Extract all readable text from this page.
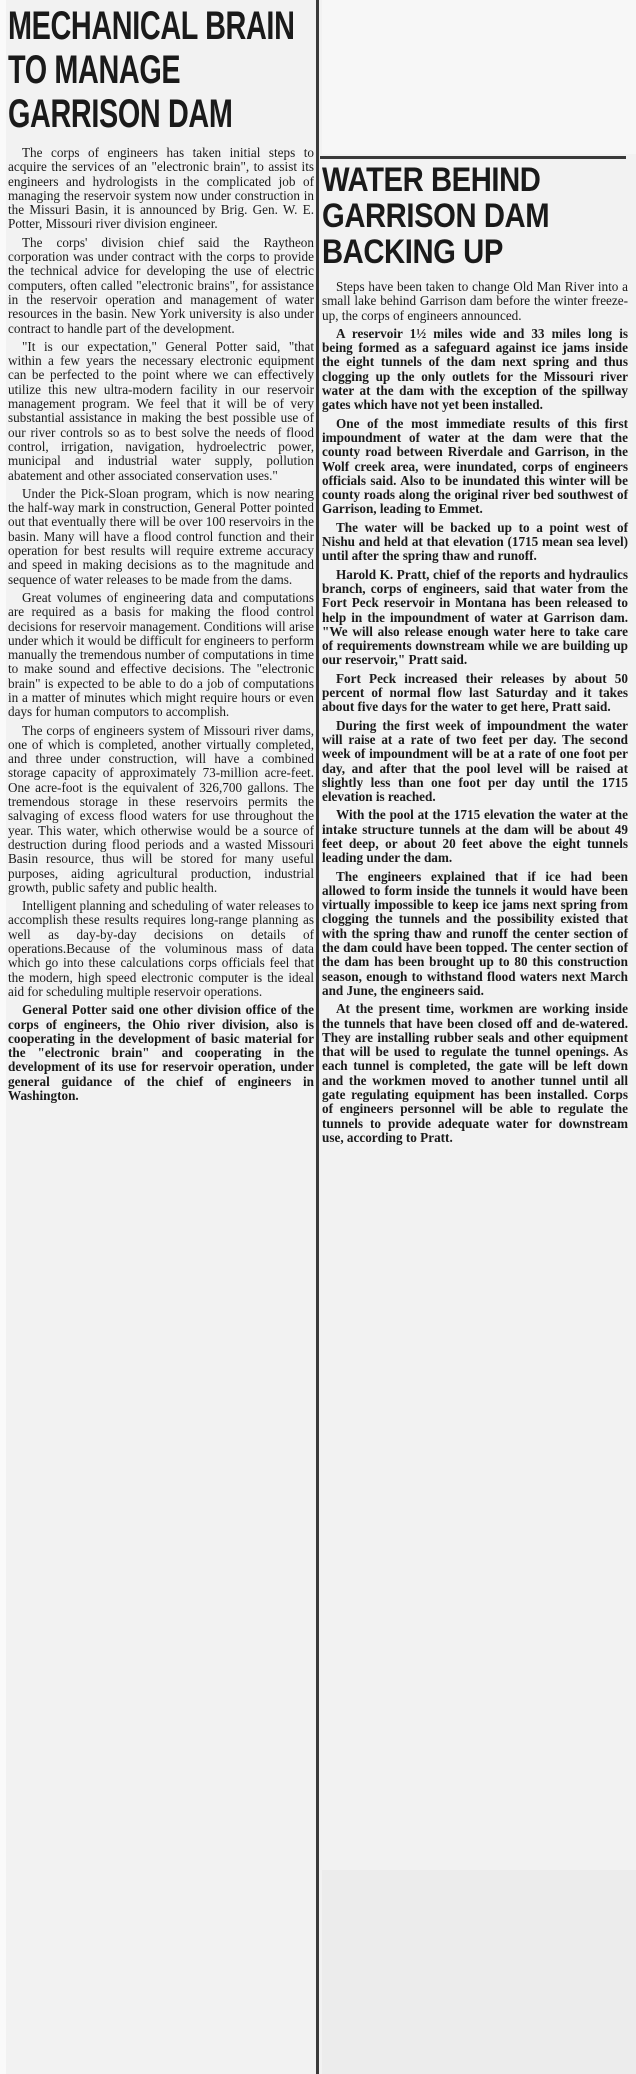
MECHANICAL BRAIN TO MANAGE GARRISON DAM

The corps of engineers has taken initial steps to acquire the services of an "electronic brain", to assist its engineers and hydrologists in the complicated job of managing the reservoir system now under construction in the Missuri Basin, it is announced by Brig. Gen. W. E. Potter, Missouri river division engineer.

The corps' division chief said the Raytheon corporation was under contract with the corps to provide the technical advice for developing the use of electric computers, often called "electronic brains", for assistance in the reservoir operation and management of water resources in the basin. New York university is also under contract to handle part of the development.

"It is our expectation," General Potter said, "that within a few years the necessary electronic equipment can be perfected to the point where we can effectively utilize this new ultra-modern facility in our reservoir management program. We feel that it will be of very substantial assistance in making the best possible use of our river controls so as to best solve the needs of flood control, irrigation, navigation, hydroelectric power, municipal and industrial water supply, pollution abatement and other associated conservation uses."

Under the Pick-Sloan program, which is now nearing the half-way mark in construction, General Potter pointed out that eventually there will be over 100 reservoirs in the basin. Many will have a flood control function and their operation for best results will require extreme accuracy and speed in making decisions as to the magnitude and sequence of water releases to be made from the dams.

Great volumes of engineering data and computations are required as a basis for making the flood control decisions for reservoir management. Conditions will arise under which it would be difficult for engineers to perform manually the tremendous number of computations in time to make sound and effective decisions. The "electronic brain" is expected to be able to do a job of computations in a matter of minutes which might require hours or even days for human computors to accomplish.

The corps of engineers system of Missouri river dams, one of which is completed, another virtually completed, and three under construction, will have a combined storage capacity of approximately 73-million acre-feet. One acre-foot is the equivalent of 326,700 gallons. The tremendous storage in these reservoirs permits the salvaging of excess flood waters for use throughout the year. This water, which otherwise would be a source of destruction during flood periods and a wasted Missouri Basin resource, thus will be stored for many useful purposes, aiding agricultural production, industrial growth, public safety and public health.

Intelligent planning and scheduling of water releases to accomplish these results requires long-range planning as well as day-by-day decisions on details of operations.Because of the voluminous mass of data which go into these calculations corps officials feel that the modern, high speed electronic computer is the ideal aid for scheduling multiple reservoir operations.

General Potter said one other division office of the corps of engineers, the Ohio river division, also is cooperating in the development of basic material for the "electronic brain" and cooperating in the development of its use for reservoir operation, under general guidance of the chief of engineers in Washington.

WATER BEHIND GARRISON DAM BACKING UP

Steps have been taken to change Old Man River into a small lake behind Garrison dam before the winter freeze-up, the corps of engineers announced.

A reservoir 1½ miles wide and 33 miles long is being formed as a safeguard against ice jams inside the eight tunnels of the dam next spring and thus clogging up the only outlets for the Missouri river water at the dam with the exception of the spillway gates which have not yet been installed.

One of the most immediate results of this first impoundment of water at the dam were that the county road between Riverdale and Garrison, in the Wolf creek area, were inundated, corps of engineers officials said. Also to be inundated this winter will be county roads along the original river bed southwest of Garrison, leading to Emmet.

The water will be backed up to a point west of Nishu and held at that elevation (1715 mean sea level) until after the spring thaw and runoff.

Harold K. Pratt, chief of the reports and hydraulics branch, corps of engineers, said that water from the Fort Peck reservoir in Montana has been released to help in the impoundment of water at Garrison dam. "We will also release enough water here to take care of requirements downstream while we are building up our reservoir," Pratt said.

Fort Peck increased their releases by about 50 percent of normal flow last Saturday and it takes about five days for the water to get here, Pratt said.

During the first week of impoundment the water will raise at a rate of two feet per day. The second week of impoundment will be at a rate of one foot per day, and after that the pool level will be raised at slightly less than one foot per day until the 1715 elevation is reached.

With the pool at the 1715 elevation the water at the intake structure tunnels at the dam will be about 49 feet deep, or about 20 feet above the eight tunnels leading under the dam.

The engineers explained that if ice had been allowed to form inside the tunnels it would have been virtually impossible to keep ice jams next spring from clogging the tunnels and the possibility existed that with the spring thaw and runoff the center section of the dam could have been topped. The center section of the dam has been brought up to 80 this construction season, enough to withstand flood waters next March and June, the engineers said.

At the present time, workmen are working inside the tunnels that have been closed off and de-watered. They are installing rubber seals and other equipment that will be used to regulate the tunnel openings. As each tunnel is completed, the gate will be left down and the workmen moved to another tunnel until all gate regulating equipment has been installed. Corps of engineers personnel will be able to regulate the tunnels to provide adequate water for downstream use, according to Pratt.
